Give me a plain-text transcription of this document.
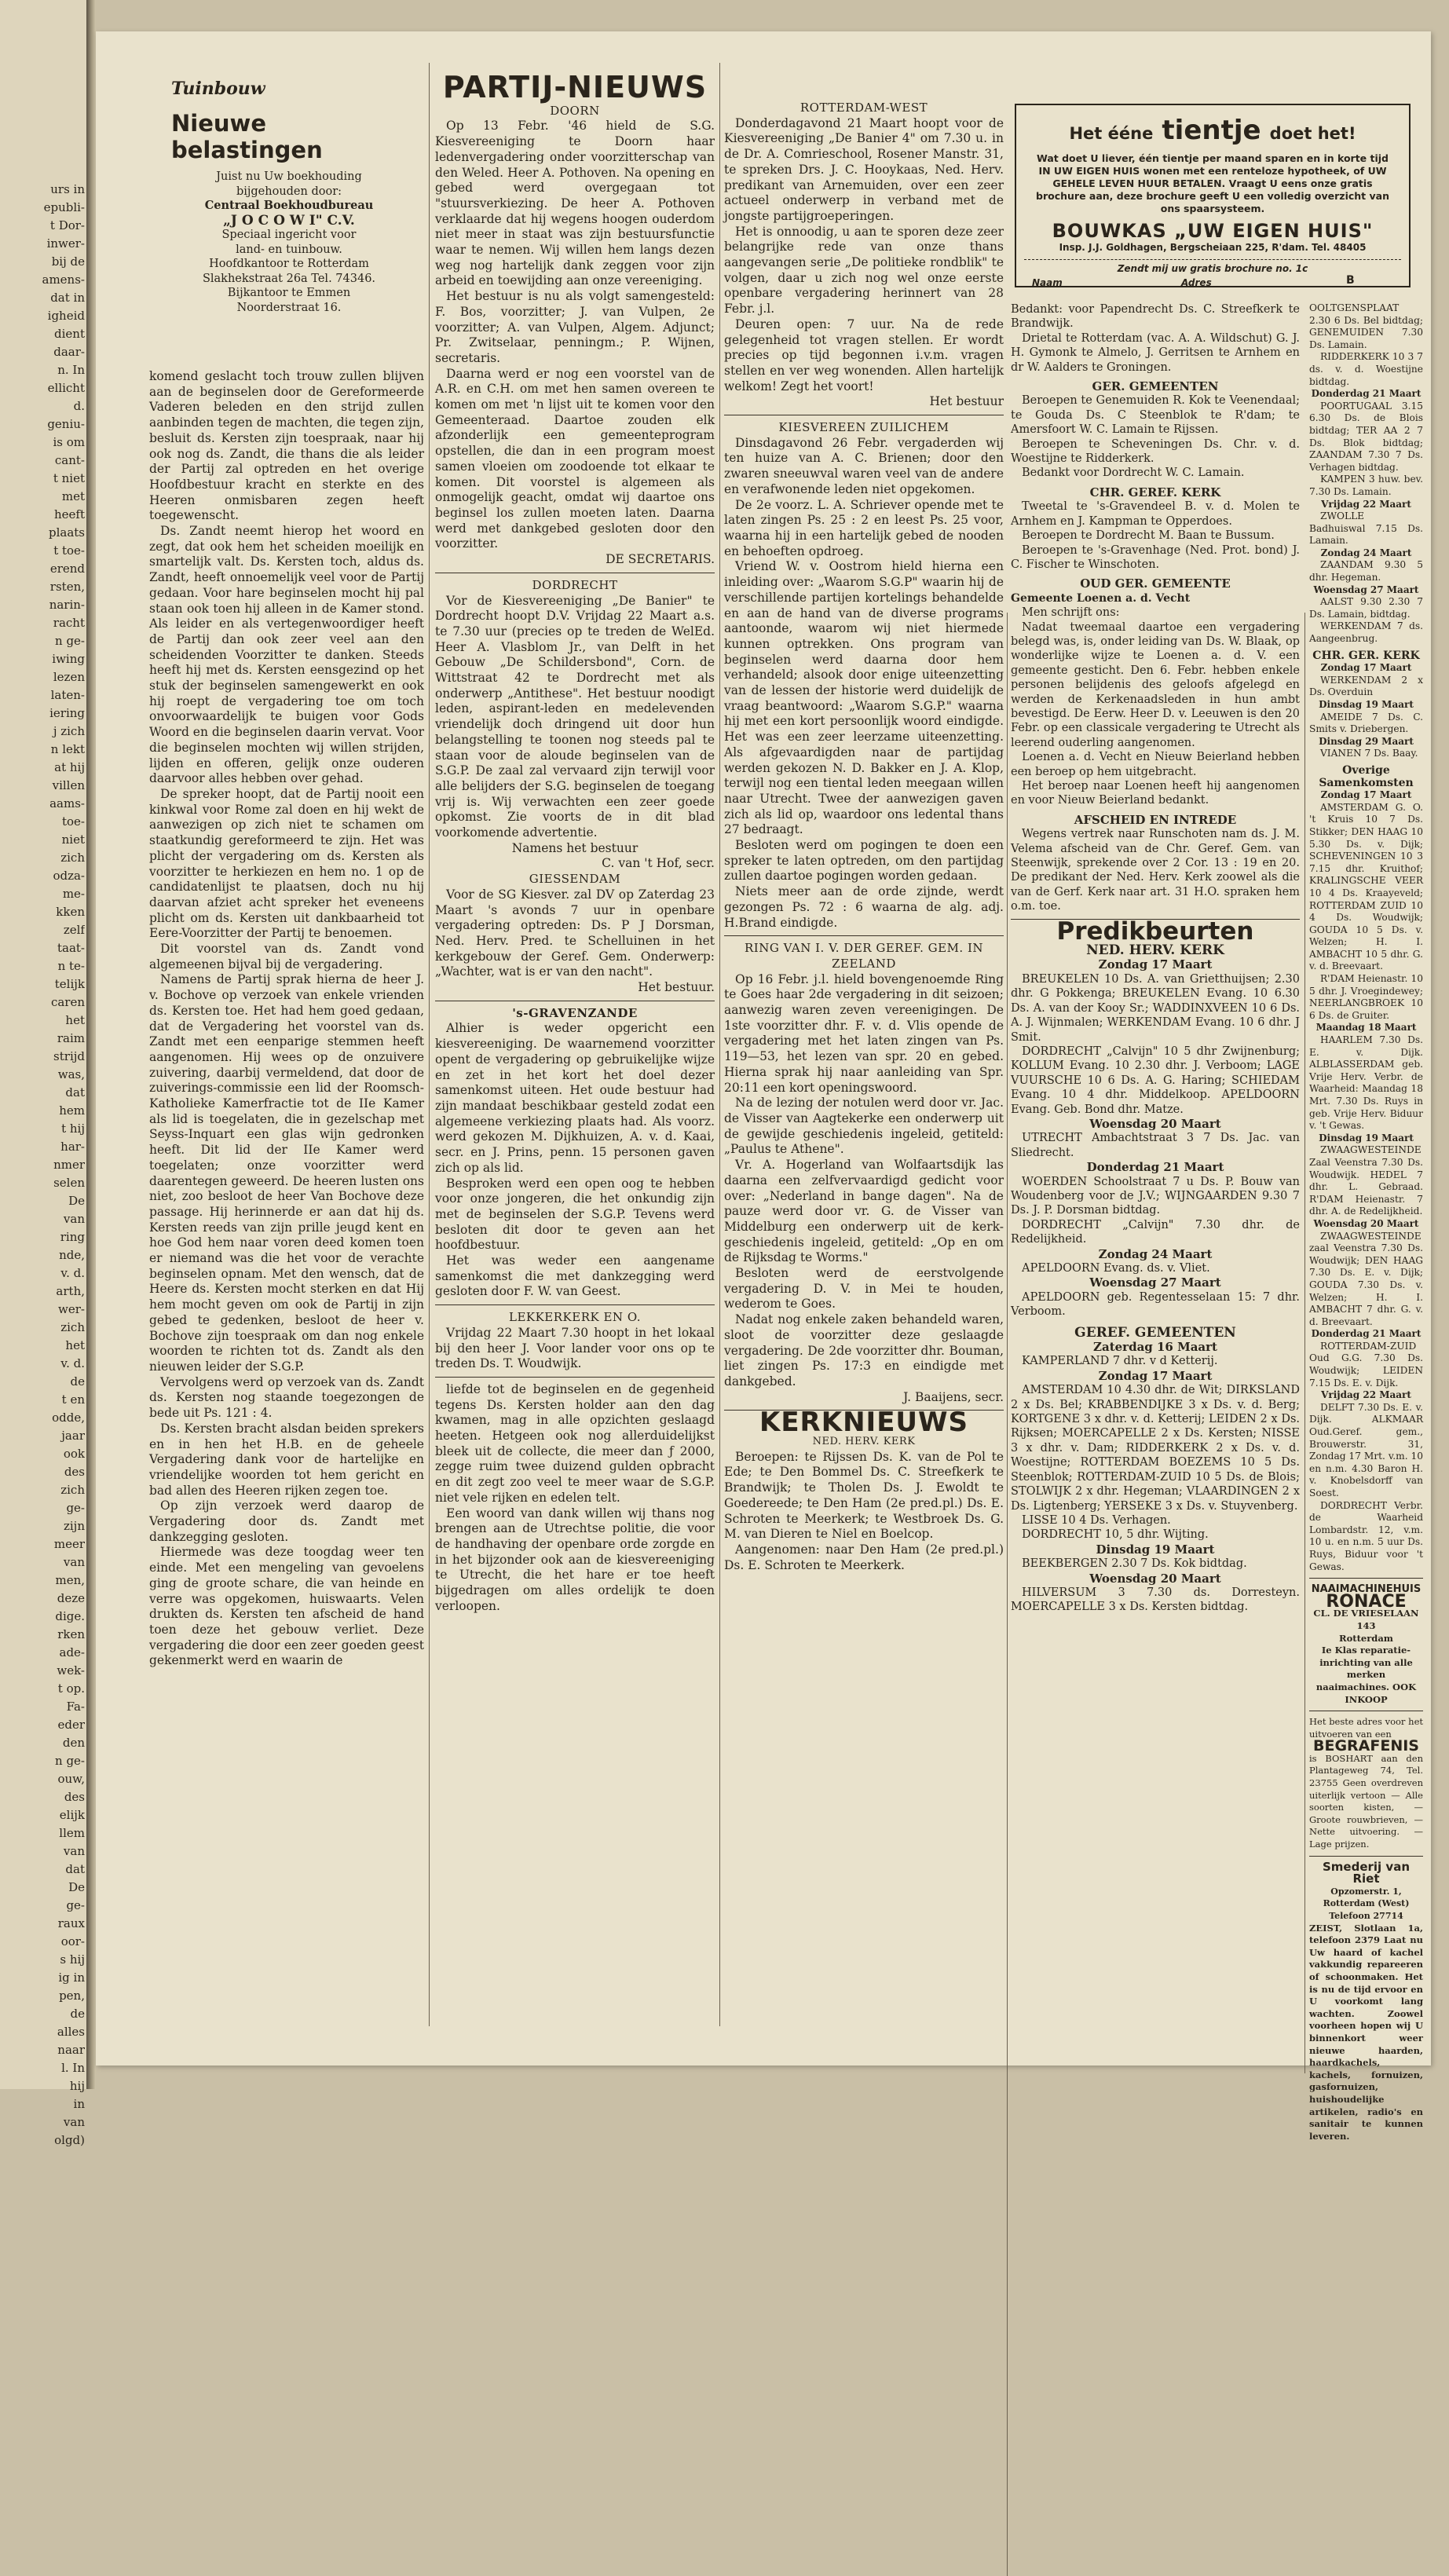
urs in
epubli-
t Dor-
inwer-
bij de
amens-
dat in
igheid
dient
daar-
n. In
ellicht
d.
geniu-
is om
cant-
t niet
met
heeft
plaats
t toe-
erend
rsten,
narin-
racht
n ge-
iwing
lezen
laten-
iering
j zich
n lekt
at hij
villen
aams-
toe-
niet
zich
odza-
me-
kken
zelf
taat-
n te-
telijk
caren
het
raim
strijd
was,
dat
hem
t hij
har-
nmer
selen
De
van
ring
nde,
v. d.
arth,
wer-
zich
het
v. d.
de
t en
odde,
jaar
ook
des
zich
ge-
zijn
meer
van
men,
deze
dige.
rken
ade-
wek-
t op.
Fa-
eder
den
n ge-
ouw,
des
elijk
llem
van
dat
De
ge-
raux
oor-
s hij
ig in
pen,
de
alles
naar
l. In
hij
in
van
olgd)
Tuinbouw
Nieuwe belastingen
Juist nu Uw boekhouding
bijgehouden door:
Centraal Boekhoudbureau
„J O C O W I" C.V.
Speciaal ingericht voor
land- en tuinbouw.
Hoofdkantoor te Rotterdam
Slakhekstraat 26a Tel. 74346.
Bijkantoor te Emmen
Noorderstraat 16.

komend geslacht toch trouw zullen blijven aan de beginselen door de Gereformeerde Vaderen beleden en den strijd zullen aanbinden tegen de machten, die tegen zijn, besluit ds. Kersten zijn toespraak, naar hij ook nog ds. Zandt, die thans die als leider der Partij zal optreden en het overige Hoofdbestuur kracht en sterkte en des Heeren onmisbaren zegen heeft toegewenscht.

Ds. Zandt neemt hierop het woord en zegt, dat ook hem het scheiden moeilijk en smartelijk valt. Ds. Kersten toch, aldus ds. Zandt, heeft onnoemelijk veel voor de Partij gedaan. Voor hare beginselen mocht hij pal staan ook toen hij alleen in de Kamer stond. Als leider en als vertegenwoordiger heeft de Partij dan ook zeer veel aan den scheidenden Voorzitter te danken. Steeds heeft hij met ds. Kersten eensgezind op het stuk der beginselen samengewerkt en ook hij roept de vergadering toe om toch onvoorwaardelijk te buigen voor Gods Woord en die beginselen daarin vervat. Voor die beginselen mochten wij willen strijden, lijden en offeren, gelijk onze ouderen daarvoor alles hebben over gehad.

De spreker hoopt, dat de Partij nooit een kinkwal voor Rome zal doen en hij wekt de aanwezigen op zich niet te schamen om staatkundig gereformeerd te zijn. Het was plicht der vergadering om ds. Kersten als voorzitter te herkiezen en hem no. 1 op de candidatenlijst te plaatsen, doch nu hij daarvan afziet acht spreker het eveneens plicht om ds. Kersten uit dankbaarheid tot Eere-Voorzitter der Partij te benoemen.

Dit voorstel van ds. Zandt vond algemeenen bijval bij de vergadering.

Namens de Partij sprak hierna de heer J. v. Bochove op verzoek van enkele vrienden ds. Kersten toe. Het had hem goed gedaan, dat de Vergadering het voorstel van ds. Zandt met een eenparige stemmen heeft aangenomen. Hij wees op de onzuivere zuivering, daarbij vermeldend, dat door de zuiverings-commissie een lid der Roomsch-Katholieke Kamerfractie tot de IIe Kamer als lid is toegelaten, die in gezelschap met Seyss-Inquart een glas wijn gedronken heeft. Dit lid der IIe Kamer werd toegelaten; onze voorzitter werd daarentegen geweerd. De heeren lusten ons niet, zoo besloot de heer Van Bochove deze passage. Hij herinnerde er aan dat hij ds. Kersten reeds van zijn prille jeugd kent en hoe God hem naar voren deed komen toen er niemand was die het voor de verachte beginselen opnam. Met den wensch, dat de Heere ds. Kersten mocht sterken en dat Hij hem mocht geven om ook de Partij in zijn gebed te gedenken, besloot de heer v. Bochove zijn toespraak om dan nog enkele woorden te richten tot ds. Zandt als den nieuwen leider der S.G.P.

Vervolgens werd op verzoek van ds. Zandt ds. Kersten nog staande toegezongen de bede uit Ps. 121 : 4.

Ds. Kersten bracht alsdan beiden sprekers en in hen het H.B. en de geheele Vergadering dank voor de hartelijke en vriendelijke woorden tot hem gericht en bad allen des Heeren rijken zegen toe.

Op zijn verzoek werd daarop de Vergadering door ds. Zandt met dankzegging gesloten.

Hiermede was deze toogdag weer ten einde. Met een mengeling van gevoelens ging de groote schare, die van heinde en verre was opgekomen, huiswaarts. Velen drukten ds. Kersten ten afscheid de hand toen deze het gebouw verliet. Deze vergadering die door een zeer goeden geest gekenmerkt werd en waarin de

PARTIJ-NIEUWS
DOORN

Op 13 Febr. '46 hield de S.G. Kiesvereeniging te Doorn haar ledenvergadering onder voorzitterschap van den Weled. Heer A. Pothoven. Na opening en gebed werd overgegaan tot "stuursverkiezing. De heer A. Pothoven verklaarde dat hij wegens hoogen ouderdom niet meer in staat was zijn bestuursfunctie waar te nemen. Wij willen hem langs dezen weg nog hartelijk dank zeggen voor zijn arbeid en toewijding aan onze vereeniging.

Het bestuur is nu als volgt samengesteld: F. Bos, voorzitter; J. van Vulpen, 2e voorzitter; A. van Vulpen, Algem. Adjunct; Pr. Zwitselaar, penningm.; P. Wijnen, secretaris.

Daarna werd er nog een voorstel van de A.R. en C.H. om met hen samen overeen te komen om met 'n lijst uit te komen voor den Gemeenteraad. Daartoe zouden elk afzonderlijk een gemeenteprogram opstellen, die dan in een program moest samen vloeien om zoodoende tot elkaar te komen. Dit voorstel is algemeen als onmogelijk geacht, omdat wij daartoe ons beginsel los zullen moeten laten. Daarna werd met dankgebed gesloten door den voorzitter.

DE SECRETARIS.
DORDRECHT

Vor de Kiesvereeniging „De Banier" te Dordrecht hoopt D.V. Vrijdag 22 Maart a.s. te 7.30 uur (precies op te treden de WelEd. Heer A. Vlasblom Jr., van Delft in het Gebouw „De Schildersbond", Corn. de Wittstraat 42 te Dordrecht met als onderwerp „Antithese". Het bestuur noodigt leden, aspirant-leden en medelevenden vriendelijk doch dringend uit door hun belangstelling te toonen nog steeds pal te staan voor de aloude beginselen van de S.G.P. De zaal zal vervaard zijn terwijl voor alle belijders der S.G. beginselen de toegang vrij is. Wij verwachten een zeer goede opkomst. Zie voorts de in dit blad voorkomende advertentie.

Namens het bestuur
C. van 't Hof, secr.
GIESSENDAM

Voor de SG Kiesver. zal DV op Zaterdag 23 Maart 's avonds 7 uur in openbare vergadering optreden: Ds. P J Dorsman, Ned. Herv. Pred. te Schelluinen in het kerkgebouw der Geref. Gem. Onderwerp: „Wachter, wat is er van den nacht".

Het bestuur.
's-GRAVENZANDE

Alhier is weder opgericht een kiesvereeniging. De waarnemend voorzitter opent de vergadering op gebruikelijke wijze en zet in het kort het doel dezer samenkomst uiteen. Het oude bestuur had zijn mandaat beschikbaar gesteld zodat een algemeene verkiezing plaats had. Als voorz. werd gekozen M. Dijkhuizen, A. v. d. Kaai, secr. en J. Prins, penn. 15 personen gaven zich op als lid.

Besproken werd een open oog te hebben voor onze jongeren, die het onkundig zijn met de beginselen der S.G.P. Tevens werd besloten dit door te geven aan het hoofdbestuur.

Het was weder een aangename samenkomst die met dankzegging werd gesloten door F. W. van Geest.

LEKKERKERK EN O.

Vrijdag 22 Maart 7.30 hoopt in het lokaal bij den heer J. Voor lander voor ons op te treden Ds. T. Woudwijk.

liefde tot de beginselen en de gegenheid tegens Ds. Kersten holder aan den dag kwamen, mag in alle opzichten geslaagd heeten. Hetgeen ook nog allerduidelijkst bleek uit de collecte, die meer dan ƒ 2000, zegge ruim twee duizend gulden opbracht en dit zegt zoo veel te meer waar de S.G.P. niet vele rijken en edelen telt.

Een woord van dank willen wij thans nog brengen aan de Utrechtse politie, die voor de handhaving der openbare orde zorgde en in het bijzonder ook aan de kiesvereeniging te Utrecht, die het hare er toe heeft bijgedragen om alles ordelijk te doen verloopen.

ROTTERDAM-WEST

Donderdagavond 21 Maart hoopt voor de Kiesvereeniging „De Banier 4" om 7.30 u. in de Dr. A. Comrieschool, Rosener Manstr. 31, te spreken Drs. J. C. Hooykaas, Ned. Herv. predikant van Arnemuiden, over een zeer actueel onderwerp in verband met de jongste partijgroeperingen.

Het is onnoodig, u aan te sporen deze zeer belangrijke rede van onze thans aangevangen serie „De politieke rondblik" te volgen, daar u zich nog wel onze eerste openbare vergadering herinnert van 28 Febr. j.l.

Deuren open: 7 uur. Na de rede gelegenheid tot vragen stellen. Er wordt precies op tijd begonnen i.v.m. vragen stellen en ver weg wonenden. Allen hartelijk welkom! Zegt het voort!

Het bestuur
KIESVEREEN ZUILICHEM

Dinsdagavond 26 Febr. vergaderden wij ten huize van A. C. Brienen; door den zwaren sneeuwval waren veel van de andere en verafwonende leden niet opgekomen.

De 2e voorz. L. A. Schriever opende met te laten zingen Ps. 25 : 2 en leest Ps. 25 voor, waarna hij in een hartelijk gebed de nooden en behoeften opdroeg.

Vriend W. v. Oostrom hield hierna een inleiding over: „Waarom S.G.P" waarin hij de verschillende partijen kortelings behandelde en aan de hand van de diverse programs aantoonde, waarom wij niet hiermede kunnen optrekken. Ons program van beginselen werd daarna door hem verhandeld; alsook door enige uiteenzetting van de lessen der historie werd duidelijk de vraag beantwoord: „Waarom S.G.P." waarna hij met een kort persoonlijk woord eindigde. Het was een zeer leerzame uiteenzetting. Als afgevaardigden naar de partijdag werden gekozen N. D. Bakker en J. A. Klop, terwijl nog een tiental leden meegaan willen naar Utrecht. Twee der aanwezigen gaven zich als lid op, waardoor ons ledental thans 27 bedraagt.

Besloten werd om pogingen te doen een spreker te laten optreden, om den partijdag zullen daartoe pogingen worden gedaan.

Niets meer aan de orde zijnde, werdt gezongen Ps. 72 : 6 waarna de alg. adj. H.Brand eindigde.

RING VAN I. V. DER GEREF. GEM. IN ZEELAND

Op 16 Febr. j.l. hield bovengenoemde Ring te Goes haar 2de vergadering in dit seizoen; aanwezig waren zeven vereenigingen. De 1ste voorzitter dhr. F. v. d. Vlis opende de vergadering met het laten zingen van Ps. 119—53, het lezen van spr. 20 en gebed. Hierna sprak hij naar aanleiding van Spr. 20:11 een kort openingswoord.

Na de lezing der notulen werd door vr. Jac. de Visser van Aagtekerke een onderwerp uit de gewijde geschiedenis ingeleid, getiteld: „Paulus te Athene".

Vr. A. Hogerland van Wolfaartsdijk las daarna een zelfvervaardigd gedicht voor over: „Nederland in bange dagen". Na de pauze werd door vr. G. de Visser van Middelburg een onderwerp uit de kerk-geschiedenis ingeleid, getiteld: „Op en om de Rijksdag te Worms."

Besloten werd de eerstvolgende vergadering D. V. in Mei te houden, wederom te Goes.

Nadat nog enkele zaken behandeld waren, sloot de voorzitter deze geslaagde vergadering. De 2de voorzitter dhr. Bouman, liet zingen Ps. 17:3 en eindigde met dankgebed.

J. Baaijens, secr.
KERKNIEUWS
NED. HERV. KERK

Beroepen: te Rijssen Ds. K. van de Pol te Ede; te Den Bommel Ds. C. Streefkerk te Brandwijk; te Tholen Ds. J. Ewoldt te Goedereede; te Den Ham (2e pred.pl.) Ds. E. Schroten te Meerkerk; te Westbroek Ds. G. M. van Dieren te Niel en Boelcop.

Aangenomen: naar Den Ham (2e pred.pl.) Ds. E. Schroten te Meerkerk.

Het ééne tientje doet het!
Wat doet U liever, één tientje per maand sparen en in korte tijd IN UW EIGEN HUIS wonen met een renteloze hypotheek, of UW GEHELE LEVEN HUUR BETALEN. Vraagt U eens onze gratis brochure aan, deze brochure geeft U een volledig overzicht van ons spaarsysteem.
BOUWKAS „UW EIGEN HUIS"
Insp. J.J. Goldhagen, Bergscheiaan 225, R'dam. Tel. 48405
Zendt mij uw gratis brochure no. 1c
Naam	Adres	B

Bedankt: voor Papendrecht Ds. C. Streefkerk te Brandwijk.

Drietal te Rotterdam (vac. A. A. Wildschut) G. J. H. Gymonk te Almelo, J. Gerritsen te Arnhem en dr W. Aalders te Groningen.

GER. GEMEENTEN

Beroepen te Genemuiden R. Kok te Veenendaal; te Gouda Ds. C Steenblok te R'dam; te Amersfoort W. C. Lamain te Rijssen.

Beroepen te Scheveningen Ds. Chr. v. d. Woestijne te Ridderkerk.

Bedankt voor Dordrecht W. C. Lamain.

CHR. GEREF. KERK

Tweetal te 's-Gravendeel B. v. d. Molen te Arnhem en J. Kampman te Opperdoes.

Beroepen te Dordrecht M. Baan te Bussum.

Beroepen te 's-Gravenhage (Ned. Prot. bond) J. C. Fischer te Winschoten.

OUD GER. GEMEENTE
Gemeente Loenen a. d. Vecht

Men schrijft ons:

Nadat tweemaal daartoe een vergadering belegd was, is, onder leiding van Ds. W. Blaak, op wonderlijke wijze te Loenen a. d. V. een gemeente gesticht. Den 6. Febr. hebben enkele personen belijdenis des geloofs afgelegd en werden de Kerkenaadsleden in hun ambt bevestigd. De Eerw. Heer D. v. Leeuwen is den 20 Febr. op een classicale vergadering te Utrecht als leerend ouderling aangenomen.

Loenen a. d. Vecht en Nieuw Beierland hebben een beroep op hem uitgebracht.

Het beroep naar Loenen heeft hij aangenomen en voor Nieuw Beierland bedankt.

AFSCHEID EN INTREDE

Wegens vertrek naar Runschoten nam ds. J. M. Velema afscheid van de Chr. Geref. Gem. van Steenwijk, sprekende over 2 Cor. 13 : 19 en 20. De predikant der Ned. Herv. Kerk zoowel als die van de Gerf. Kerk naar art. 31 H.O. spraken hem o.m. toe.

Predikbeurten
NED. HERV. KERK
Zondag 17 Maart

BREUKELEN 10 Ds. A. van Grietthuijsen; 2.30 dhr. G Pokkenga; BREUKELEN Evang. 10 6.30 Ds. A. van der Kooy Sr.; WADDINXVEEN 10 6 Ds. A. J. Wijnmalen; WERKENDAM Evang. 10 6 dhr. J Smit.

DORDRECHT „Calvijn" 10 5 dhr Zwijnenburg; KOLLUM Evang. 10 2.30 dhr. J. Verboom; LAGE VUURSCHE 10 6 Ds. A. G. Haring; SCHIEDAM Evang. 10 4 dhr. Middelkoop. APELDOORN Evang. Geb. Bond dhr. Matze.

Woensdag 20 Maart

UTRECHT Ambachtstraat 3 7 Ds. Jac. van Sliedrecht.

Donderdag 21 Maart

WOERDEN Schoolstraat 7 u Ds. P. Bouw van Woudenberg voor de J.V.; WIJNGAARDEN 9.30 7 Ds. J. P. Dorsman bidtdag.

DORDRECHT „Calvijn" 7.30 dhr. de Redelijkheid.

Zondag 24 Maart

APELDOORN Evang. ds. v. Vliet.

Woensdag 27 Maart

APELDOORN geb. Regentesselaan 15: 7 dhr. Verboom.

GEREF. GEMEENTEN
Zaterdag 16 Maart

KAMPERLAND 7 dhr. v d Ketterij.

Zondag 17 Maart

AMSTERDAM 10 4.30 dhr. de Wit; DIRKSLAND 2 x Ds. Bel; KRABBENDIJKE 3 x Ds. v. d. Berg; KORTGENE 3 x dhr. v. d. Ketterij; LEIDEN 2 x Ds. Rijksen; MOERCAPELLE 2 x Ds. Kersten; NISSE 3 x dhr. v. Dam; RIDDERKERK 2 x Ds. v. d. Woestijne; ROTTERDAM BOEZEMS 10 5 Ds. Steenblok; ROTTERDAM-ZUID 10 5 Ds. de Blois; STOLWIJK 2 x dhr. Hegeman; VLAARDINGEN 2 x Ds. Ligtenberg; YERSEKE 3 x Ds. v. Stuyvenberg.

LISSE 10 4 Ds. Verhagen.

DORDRECHT 10, 5 dhr. Wijting.

Dinsdag 19 Maart

BEEKBERGEN 2.30 7 Ds. Kok bidtdag.

Woensdag 20 Maart

HILVERSUM 3 7.30 ds. Dorresteyn. MOERCAPELLE 3 x Ds. Kersten bidtdag.

OOLTGENSPLAAT 2.30 6 Ds. Bel bidtdag; GENEMUIDEN 7.30 Ds. Lamain.

RIDDERKERK 10 3 7 ds. v. d. Woestijne bidtdag.

Donderdag 21 Maart

POORTUGAAL 3.15 6.30 Ds. de Blois bidtdag; TER AA 2 7 Ds. Blok bidtdag; ZAANDAM 7.30 7 Ds. Verhagen bidtdag.

KAMPEN 3 huw. bev. 7.30 Ds. Lamain.

Vrijdag 22 Maart

ZWOLLE Badhuiswal 7.15 Ds. Lamain.

Zondag 24 Maart

ZAANDAM 9.30 5 dhr. Hegeman.

Woensdag 27 Maart

AALST 9.30 2.30 7 Ds. Lamain, bidtdag.

WERKENDAM 7 ds. Aangeenbrug.

CHR. GER. KERK
Zondag 17 Maart

WERKENDAM 2 x Ds. Overduin

Dinsdag 19 Maart

AMEIDE 7 Ds. C. Smits v. Driebergen.

Dinsdag 29 Maart

VIANEN 7 Ds. Baay.

Overige Samenkomsten
Zondag 17 Maart

AMSTERDAM G. O. 't Kruis 10 7 Ds. Stikker; DEN HAAG 10 5.30 Ds. v. Dijk; SCHEVENINGEN 10 3 7.15 dhr. Kruithof; KRALINGSCHE VEER 10 4 Ds. Kraayeveld; ROTTERDAM ZUID 10 4 Ds. Woudwijk; GOUDA 10 5 Ds. v. Welzen; H. I. AMBACHT 10 5 dhr. G. v. d. Breevaart.

R'DAM Heienastr. 10 5 dhr. J. Vroegindewey; NEERLANGBROEK 10 6 Ds. de Gruiter.

Maandag 18 Maart

HAARLEM 7.30 Ds. E. v. Dijk. ALBLASSERDAM geb. Vrije Herv. Verbr. de Waarheid: Maandag 18 Mrt. 7.30 Ds. Ruys in geb. Vrije Herv. Biduur v. 't Gewas.

Dinsdag 19 Maart

ZWAAGWESTEINDE Zaal Veenstra 7.30 Ds. Woudwijk. HEDEL 7 dhr. L. Gebraad. R'DAM Heienastr. 7 dhr. A. de Redelijkheid.

Woensdag 20 Maart

ZWAAGWESTEINDE zaal Veenstra 7.30 Ds. Woudwijk; DEN HAAG 7.30 Ds. E. v. Dijk; GOUDA 7.30 Ds. v. Welzen; H. I. AMBACHT 7 dhr. G. v. d. Breevaart.

Donderdag 21 Maart

ROTTERDAM-ZUID Oud G.G. 7.30 Ds. Woudwijk; LEIDEN 7.15 Ds. E. v. Dijk.

Vrijdag 22 Maart

DELFT 7.30 Ds. E. v. Dijk. ALKMAAR Oud.Geref. gem., Brouwerstr. 31, Zondag 17 Mrt. v.m. 10 en n.m. 4.30 Baron H. v. Knobelsdorff van Soest.

DORDRECHT Verbr. de Waarheid Lombardstr. 12, v.m. 10 u. en n.m. 5 uur Ds. Ruys, Biduur voor 't Gewas.

NAAIMACHINEHUIS
RONACE
CL. DE VRIESELAAN 143
Rotterdam
Ie Klas reparatie-inrichting van alle merken naaimachines. OOK INKOOP
Het beste adres voor het uitvoeren van een
BEGRAFENIS
is BOSHART aan den Plantageweg 74, Tel. 23755 Geen overdreven uiterlijk vertoon — Alle soorten kisten, — Groote rouwbrieven, — Nette uitvoering. — Lage prijzen.
Smederij van Riet
Opzomerstr. 1, Rotterdam (West) Telefoon 27714
ZEIST, Slotlaan 1a, telefoon 2379 Laat nu Uw haard of kachel vakkundig repareeren of schoonmaken. Het is nu de tijd ervoor en U voorkomt lang wachten. Zoowel voorheen hopen wij U binnenkort weer nieuwe haarden, haardkachels, kachels, fornuizen, gasfornuizen, huishoudelijke artikelen, radio's en sanitair te kunnen leveren.
